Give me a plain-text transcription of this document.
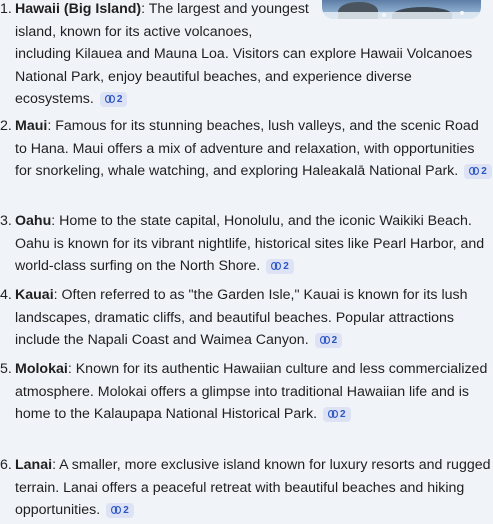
1. Hawaii (Big Island): The largest and youngest
island, known for its active volcanoes,
including Kilauea and Mauna Loa. Visitors can explore Hawaii Volcanoes National Park, enjoy beautiful beaches, and experience diverse ecosystems. 2
2. Maui: Famous for its stunning beaches, lush valleys, and the scenic Road to Hana. Maui offers a mix of adventure and relaxation, with opportunities for snorkeling, whale watching, and exploring Haleakalā National Park. 2
3. Oahu: Home to the state capital, Honolulu, and the iconic Waikiki Beach. Oahu is known for its vibrant nightlife, historical sites like Pearl Harbor, and world-class surfing on the North Shore. 2
4. Kauai: Often referred to as "the Garden Isle," Kauai is known for its lush landscapes, dramatic cliffs, and beautiful beaches. Popular attractions include the Napali Coast and Waimea Canyon. 2
5. Molokai: Known for its authentic Hawaiian culture and less commercialized atmosphere. Molokai offers a glimpse into traditional Hawaiian life and is home to the Kalaupapa National Historical Park. 2
6. Lanai: A smaller, more exclusive island known for luxury resorts and rugged terrain. Lanai offers a peaceful retreat with beautiful beaches and hiking opportunities. 2
